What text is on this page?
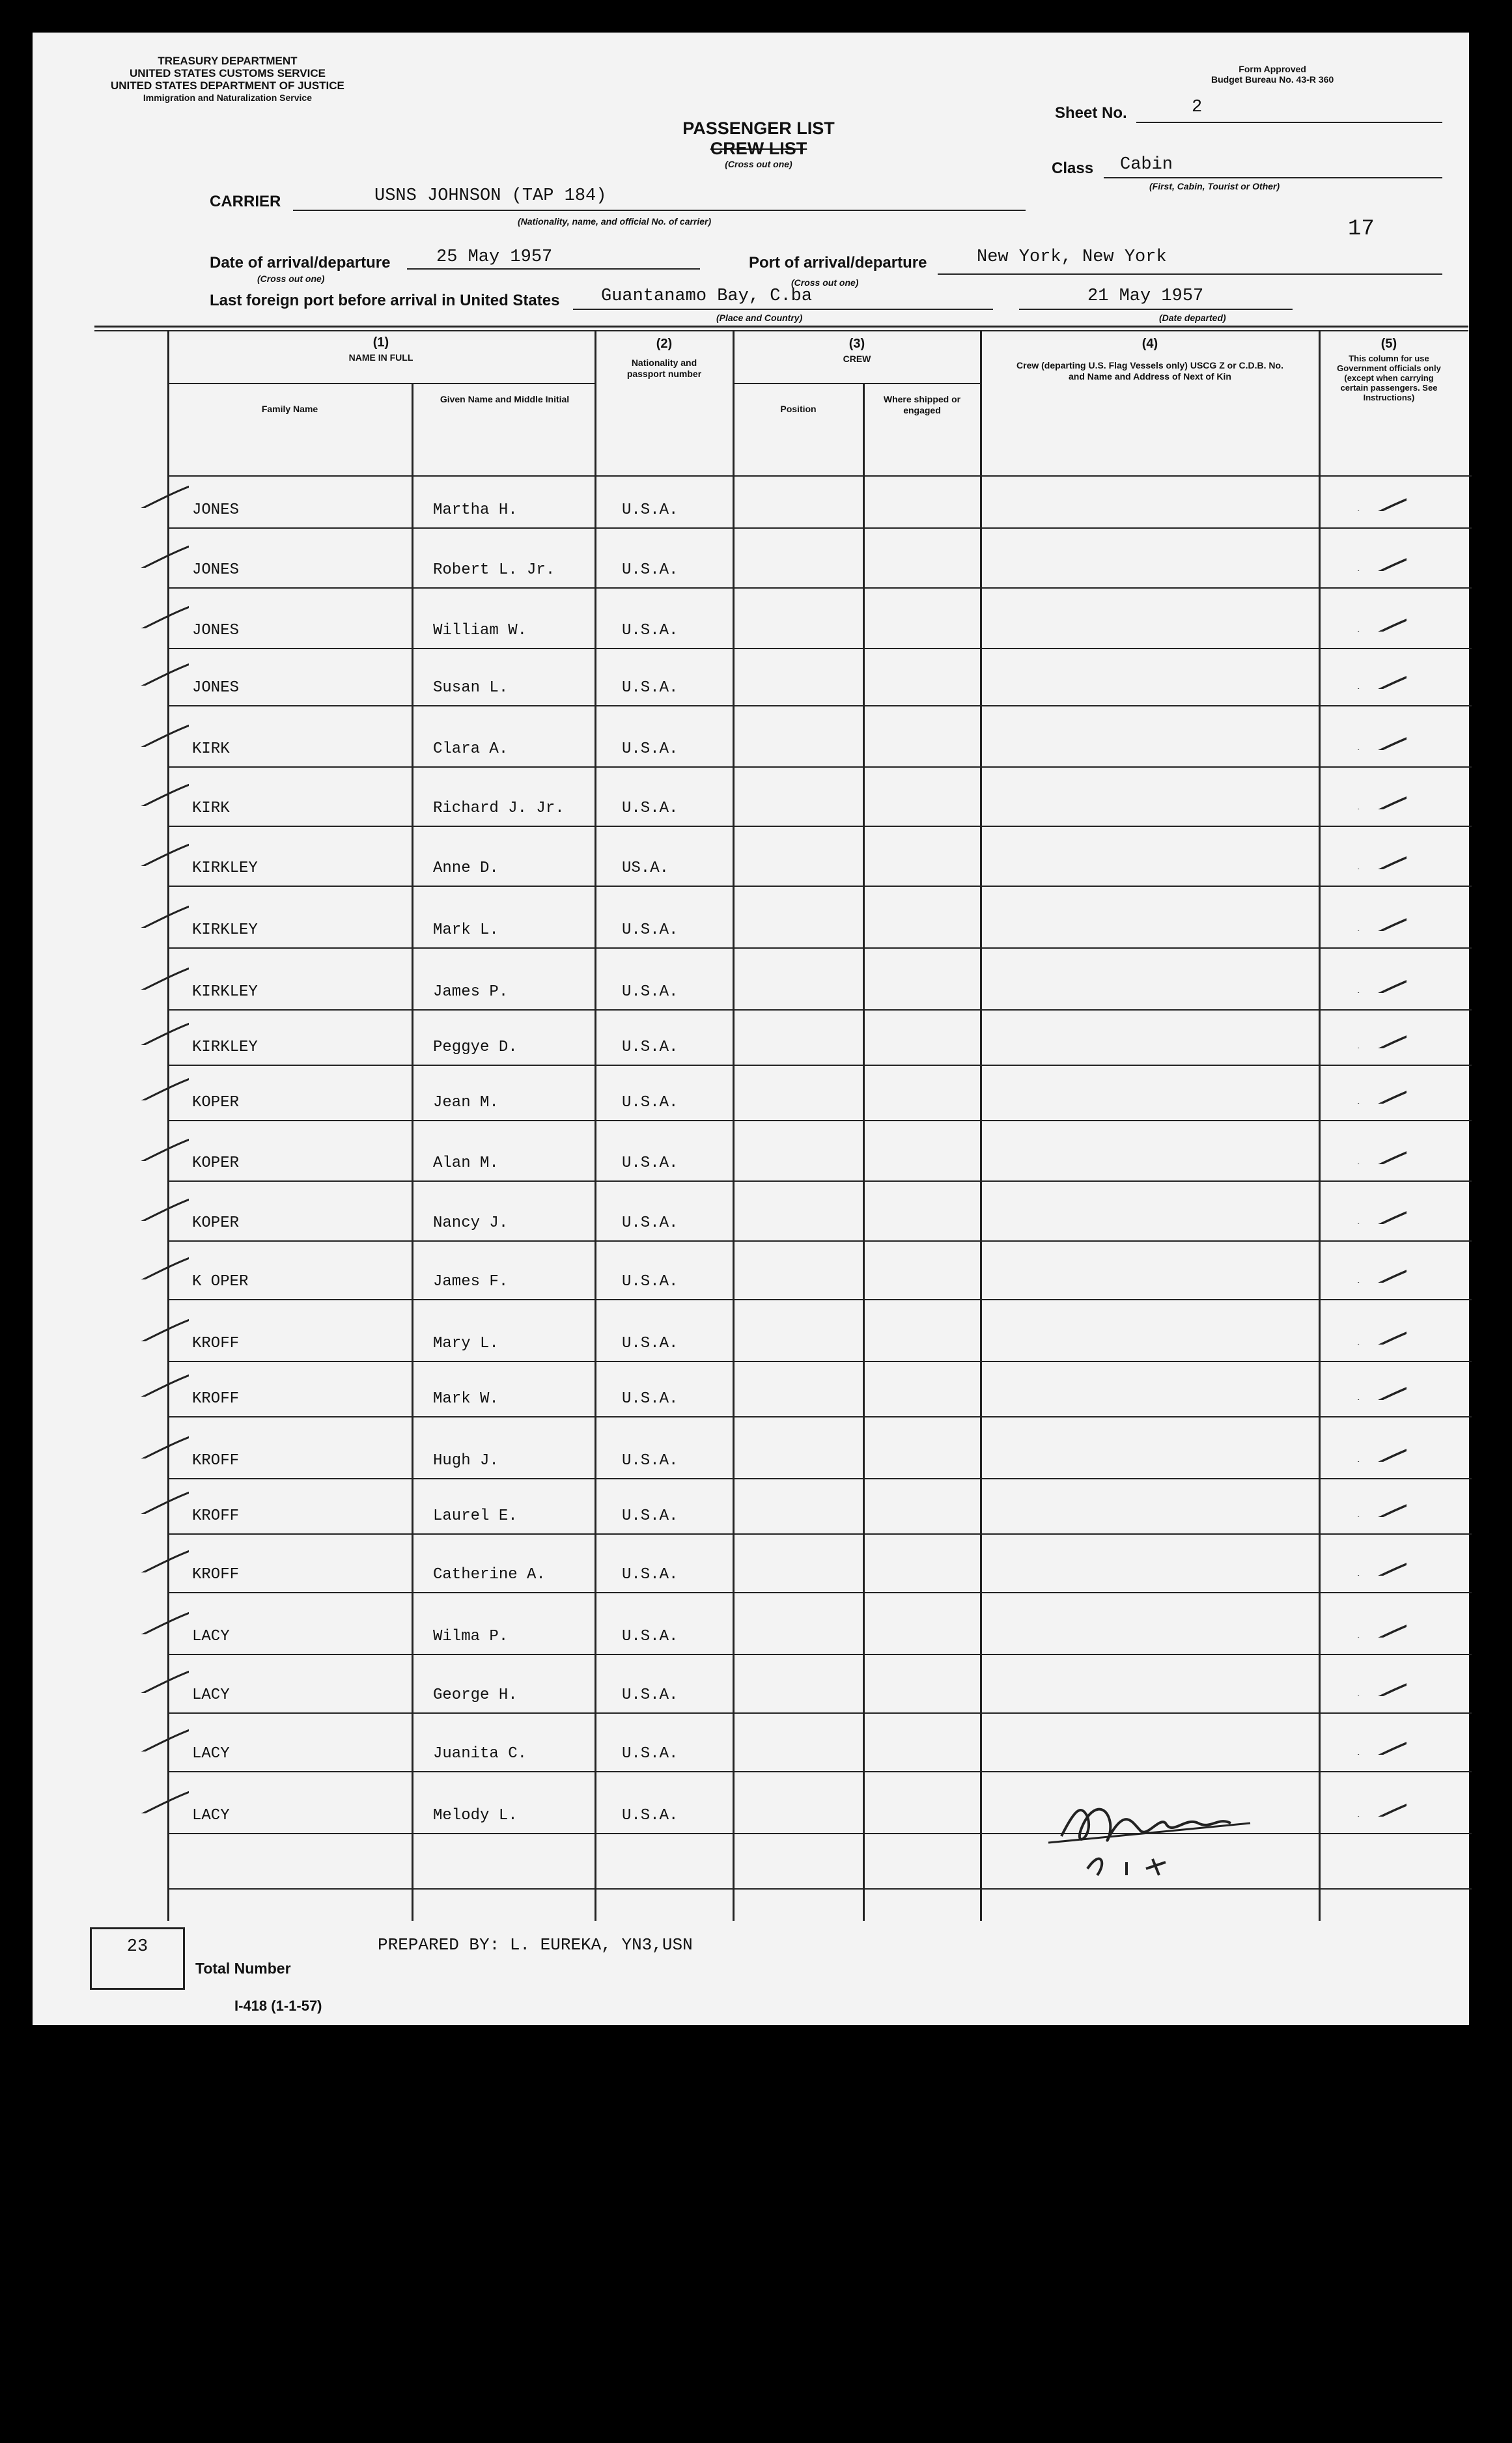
TREASURY DEPARTMENT
UNITED STATES CUSTOMS SERVICE
UNITED STATES DEPARTMENT OF JUSTICE
Immigration and Naturalization Service
Form Approved
Budget Bureau No. 43-R 360
PASSENGER LIST
CREW LIST
(Cross out one)
Sheet No.	2
Class Cabin
(First, Cabin, Tourist or Other)
CARRIER	USNS JOHNSON (TAP 184)
(Nationality, name, and official No. of carrier)	17
Date of arrival/departure	25 May 1957
(Cross out one)
Port of arrival/departure	New York, New York
(Cross out one)
Last foreign port before arrival in United States Guantanamo Bay, C.ba
(Place and Country)
21 May 1957
(Date departed)
(1)
NAME IN FULL
Family Name
Given Name and Middle Initial
(2)
Nationality and passport number
(3)
CREW
Position
Where shipped or engaged
(4)
Crew (departing U.S. Flag Vessels only) USCG Z or C.D.B. No. and Name and Address of Next of Kin
(5)
This column for use Government officials only (except when carrying certain passengers. See Instructions)
JONES	Martha H.	U.S.A.
JONES	Robert L. Jr.	U.S.A.
JONES	William W.	U.S.A.
JONES	Susan L.	U.S.A.
KIRK	Clara A.	U.S.A.
KIRK	Richard J. Jr.	U.S.A.
KIRKLEY	Anne D.	US.A.
KIRKLEY	Mark L.	U.S.A.
KIRKLEY	James P.	U.S.A.
KIRKLEY	Peggye D.	U.S.A.
KOPER	Jean M.	U.S.A.
KOPER	Alan M.	U.S.A.
KOPER	Nancy J.	U.S.A.
K OPER	James F.	U.S.A.
KROFF	Mary L.	U.S.A.
KROFF	Mark W.	U.S.A.
KROFF	Hugh J.	U.S.A.
KROFF	Laurel E.	U.S.A.
KROFF	Catherine A.	U.S.A.
LACY	Wilma P.	U.S.A.
LACY	George H.	U.S.A.
LACY	Juanita C.	U.S.A.
LACY	Melody L.	U.S.A.
23
Total Number
PREPARED BY: L. EUREKA, YN3,USN
I-418 (1-1-57)
